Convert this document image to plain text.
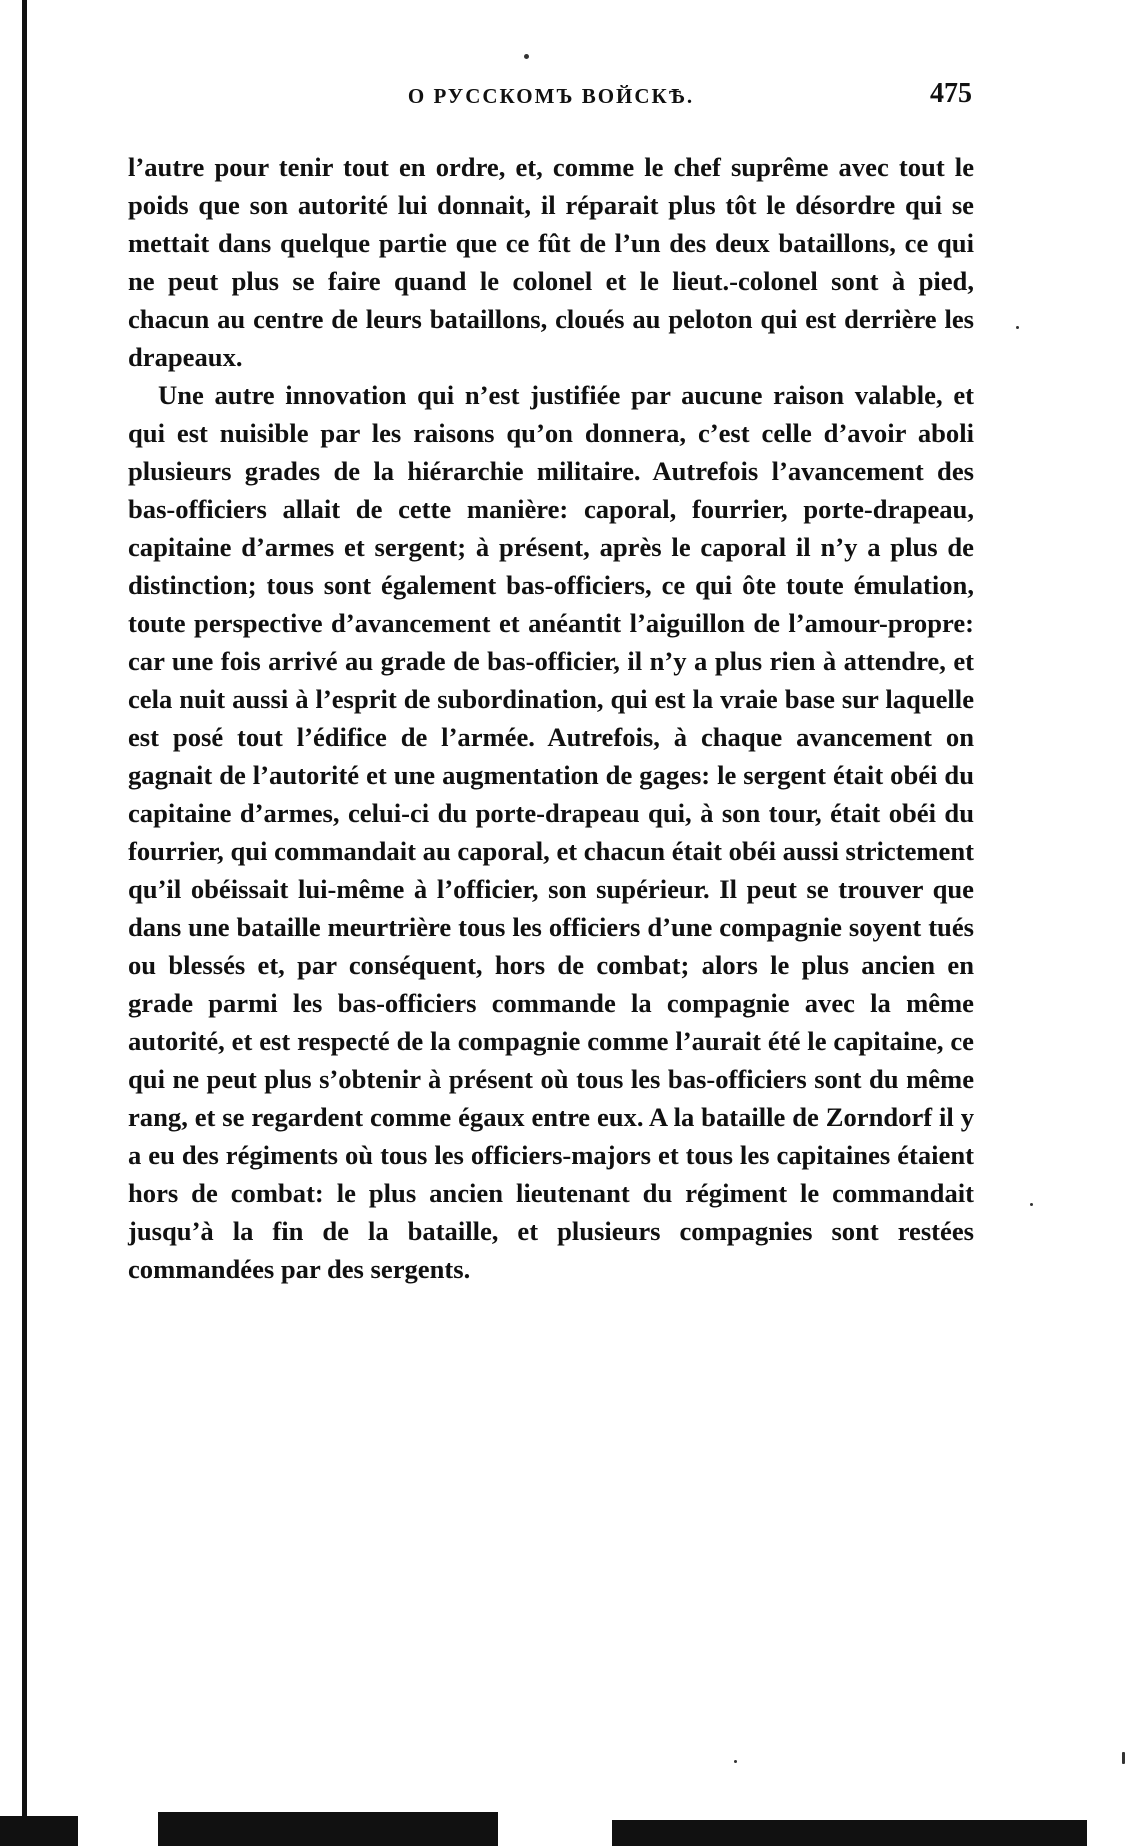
О РУССКОМЪ ВОЙСКѢ.	475

l’autre pour tenir tout en ordre, et, comme le chef suprême avec tout le poids que son autorité lui donnait, il réparait plus tôt le désordre qui se mettait dans quelque partie que ce fût de l’un des deux bataillons, ce qui ne peut plus se faire quand le colonel et le lieut.-colonel sont à pied, chacun au centre de leurs bataillons, cloués au peloton qui est derrière les drapeaux.

Une autre innovation qui n’est justifiée par aucune raison valable, et qui est nuisible par les raisons qu’on donnera, c’est celle d’avoir aboli plusieurs grades de la hiérarchie militaire. Autrefois l’avancement des bas-officiers allait de cette manière: caporal, fourrier, porte-drapeau, capitaine d’armes et sergent; à présent, après le caporal il n’y a plus de distinction; tous sont également bas-officiers, ce qui ôte toute émulation, toute perspective d’avancement et anéantit l’aiguillon de l’amour-propre: car une fois arrivé au grade de bas-officier, il n’y a plus rien à attendre, et cela nuit aussi à l’esprit de subordination, qui est la vraie base sur laquelle est posé tout l’édifice de l’armée. Autrefois, à chaque avancement on gagnait de l’autorité et une augmentation de gages: le sergent était obéi du capitaine d’armes, celui-ci du porte-drapeau qui, à son tour, était obéi du fourrier, qui commandait au caporal, et chacun était obéi aussi strictement qu’il obéissait lui-même à l’officier, son supérieur. Il peut se trouver que dans une bataille meurtrière tous les officiers d’une compagnie soyent tués ou blessés et, par conséquent, hors de combat; alors le plus ancien en grade parmi les bas-officiers commande la compagnie avec la même autorité, et est respecté de la compagnie comme l’aurait été le capitaine, ce qui ne peut plus s’obtenir à présent où tous les bas-officiers sont du même rang, et se regardent comme égaux entre eux. A la bataille de Zorndorf il y a eu des régiments où tous les officiers-majors et tous les capitaines étaient hors de combat: le plus ancien lieutenant du régiment le commandait jusqu’à la fin de la bataille, et plusieurs compagnies sont restées commandées par des sergents.
